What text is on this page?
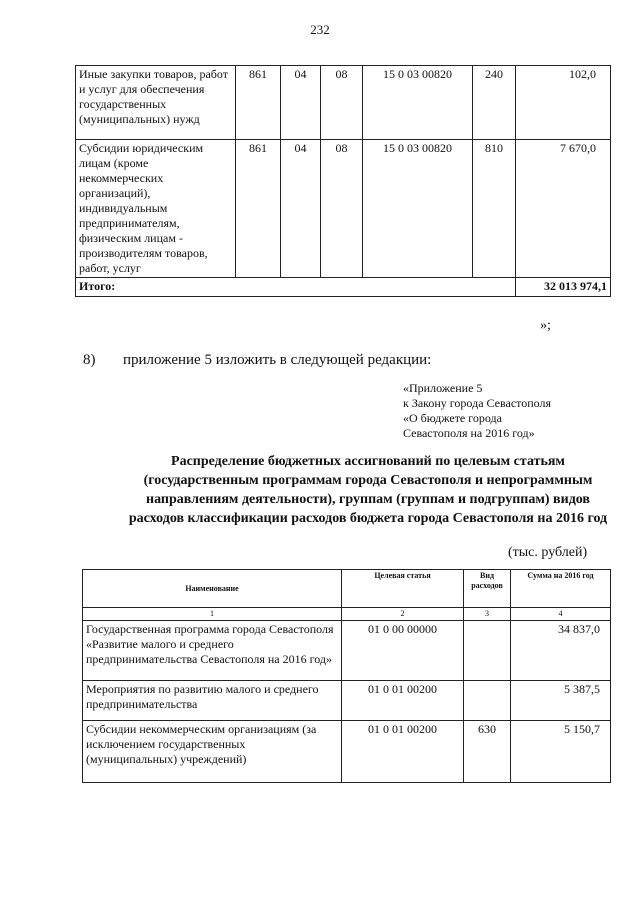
232
Иные закупки товаров, работ и услуг для обеспечения государственных (муниципальных) нужд	861	04	08	15 0 03 00820	240	102,0
Субсидии юридическим лицам (кроме некоммерческих организаций), индивидуальным предпринимателям, физическим лицам - производителям товаров, работ, услуг	861	04	08	15 0 03 00820	810	7 670,0
Итого:						32 013 974,1
»;
8) приложение 5 изложить в следующей редакции:
«Приложение 5
к Закону города Севастополя
«О бюджете города
Севастополя на 2016 год»
Распределение бюджетных ассигнований по целевым статьям (государственным программам города Севастополя и непрограммным направлениям деятельности), группам (группам и подгруппам) видов расходов классификации расходов бюджета города Севастополя на 2016 год
(тыс. рублей)
Наименование	Целевая статья	Вид расходов	Сумма на 2016 год
1	2	3	4
Государственная программа города Севастополя «Развитие малого и среднего предпринимательства Севастополя на 2016 год»	01 0 00 00000		34 837,0
Мероприятия по развитию малого и среднего предпринимательства	01 0 01 00200		5 387,5
Субсидии некоммерческим организациям (за исключением государственных (муниципальных) учреждений)	01 0 01 00200	630	5 150,7
